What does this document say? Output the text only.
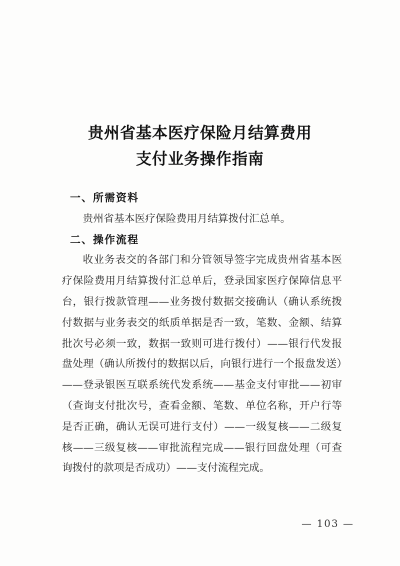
贵州省基本医疗保险月结算费用
支付业务操作指南
一、所需资料
贵州省基本医疗保险费用月结算拨付汇总单。
二、操作流程
收业务表交的各部门和分管领导签字完成贵州省基本医疗保险费用月结算拨付汇总单后，登录国家医疗保障信息平台，银行拨款管理——业务拨付数据交接确认（确认系统拨付数据与业务表交的纸质单据是否一致，笔数、金额、结算批次号必须一致，数据一致则可进行拨付）——银行代发报盘处理（确认所拨付的数据以后，向银行进行一个报盘发送）——登录银医互联系统代发系统——基金支付审批——初审（查询支付批次号，查看金额、笔数、单位名称，开户行等是否正确，确认无误可进行支付）——一级复核——二级复核——三级复核——审批流程完成——银行回盘处理（可查询拨付的款项是否成功）——支付流程完成。
— 103 —
